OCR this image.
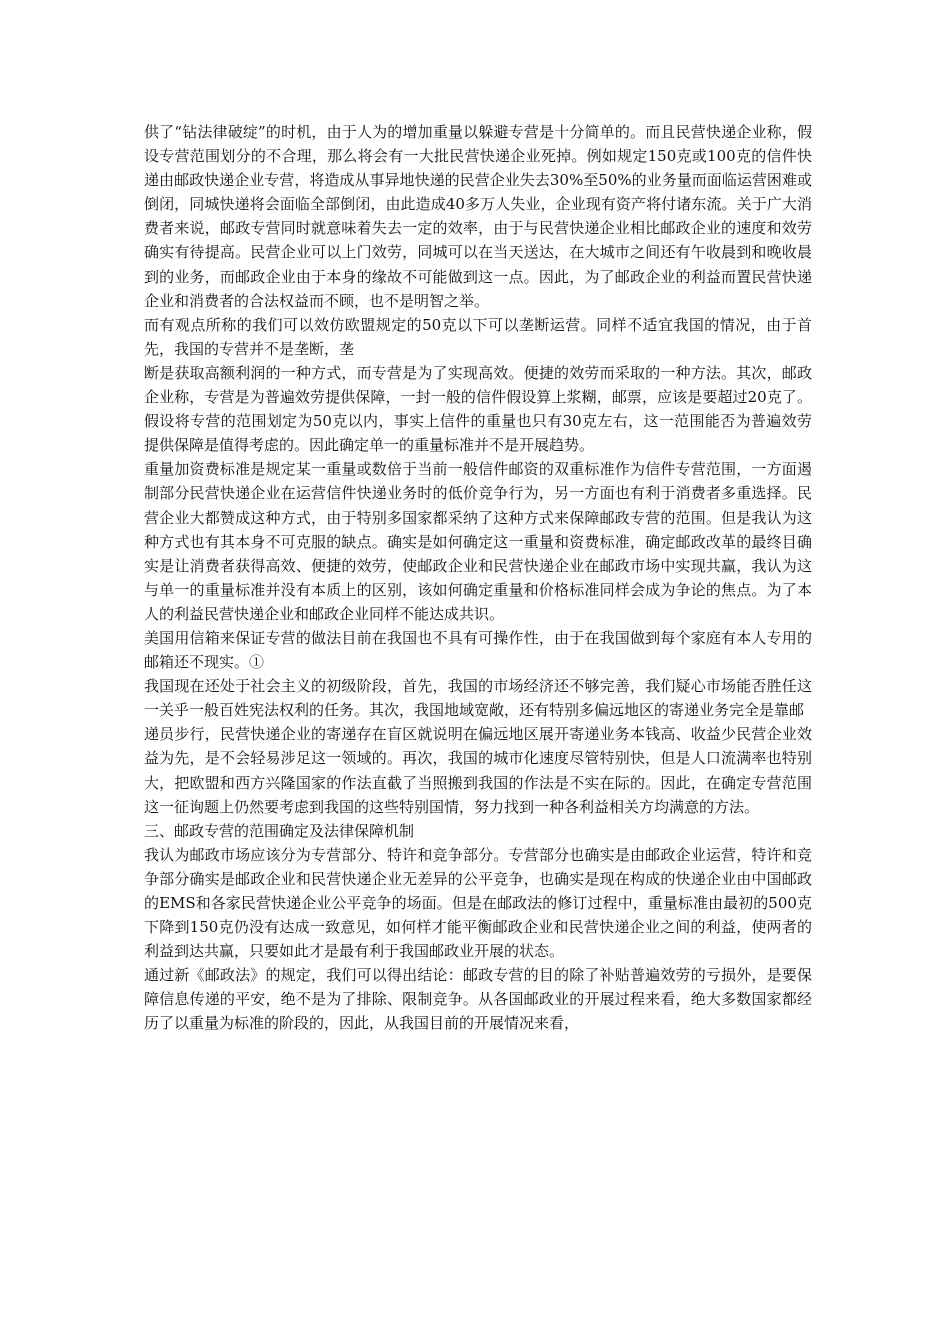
供了“钻法律破绽”的时机，由于人为的增加重量以躲避专营是十分简单的。而且民营快递企业称，假设专营范围划分的不合理，那么将会有一大批民营快递企业死掉。例如规定150克或100克的信件快递由邮政快递企业专营，将造成从事异地快递的民营企业失去30%至50%的业务量而面临运营困难或倒闭，同城快递将会面临全部倒闭，由此造成40多万人失业，企业现有资产将付诸东流。关于广大消费者来说，邮政专营同时就意味着失去一定的效率，由于与民营快递企业相比邮政企业的速度和效劳确实有待提高。民营企业可以上门效劳，同城可以在当天送达，在大城市之间还有午收晨到和晚收晨到的业务，而邮政企业由于本身的缘故不可能做到这一点。因此，为了邮政企业的利益而置民营快递企业和消费者的合法权益而不顾，也不是明智之举。

而有观点所称的我们可以效仿欧盟规定的50克以下可以垄断运营。同样不适宜我国的情况，由于首先，我国的专营并不是垄断，垄

断是获取高额利润的一种方式，而专营是为了实现高效。便捷的效劳而采取的一种方法。其次，邮政企业称，专营是为普遍效劳提供保障，一封一般的信件假设算上浆糊，邮票，应该是要超过20克了。假设将专营的范围划定为50克以内，事实上信件的重量也只有30克左右，这一范围能否为普遍效劳提供保障是值得考虑的。因此确定单一的重量标准并不是开展趋势。

重量加资费标准是规定某一重量或数倍于当前一般信件邮资的双重标准作为信件专营范围，一方面遏制部分民营快递企业在运营信件快递业务时的低价竞争行为，另一方面也有利于消费者多重选择。民营企业大都赞成这种方式，由于特别多国家都采纳了这种方式来保障邮政专营的范围。但是我认为这种方式也有其本身不可克服的缺点。确实是如何确定这一重量和资费标准，确定邮政改革的最终目确实是让消费者获得高效、便捷的效劳，使邮政企业和民营快递企业在邮政市场中实现共赢，我认为这与单一的重量标准并没有本质上的区别，该如何确定重量和价格标准同样会成为争论的焦点。为了本人的利益民营快递企业和邮政企业同样不能达成共识。

美国用信箱来保证专营的做法目前在我国也不具有可操作性，由于在我国做到每个家庭有本人专用的邮箱还不现实。①

我国现在还处于社会主义的初级阶段，首先，我国的市场经济还不够完善，我们疑心市场能否胜任这一关乎一般百姓宪法权利的任务。其次，我国地域宽敞，还有特别多偏远地区的寄递业务完全是靠邮

递员步行，民营快递企业的寄递存在盲区就说明在偏远地区展开寄递业务本钱高、收益少民营企业效益为先，是不会轻易涉足这一领域的。再次，我国的城市化速度尽管特别快，但是人口流满率也特别大，把欧盟和西方兴隆国家的作法直截了当照搬到我国的作法是不实在际的。因此，在确定专营范围这一征询题上仍然要考虑到我国的这些特别国情，努力找到一种各利益相关方均满意的方法。

三、邮政专营的范围确定及法律保障机制

我认为邮政市场应该分为专营部分、特许和竞争部分。专营部分也确实是由邮政企业运营，特许和竞争部分确实是邮政企业和民营快递企业无差异的公平竞争，也确实是现在构成的快递企业由中国邮政的EMS和各家民营快递企业公平竞争的场面。但是在邮政法的修订过程中，重量标准由最初的500克下降到150克仍没有达成一致意见，如何样才能平衡邮政企业和民营快递企业之间的利益，使两者的利益到达共赢，只要如此才是最有利于我国邮政业开展的状态。

通过新《邮政法》的规定，我们可以得出结论：邮政专营的目的除了补贴普遍效劳的亏损外，是要保障信息传递的平安，绝不是为了排除、限制竞争。从各国邮政业的开展过程来看，绝大多数国家都经历了以重量为标准的阶段的，因此，从我国目前的开展情况来看，
